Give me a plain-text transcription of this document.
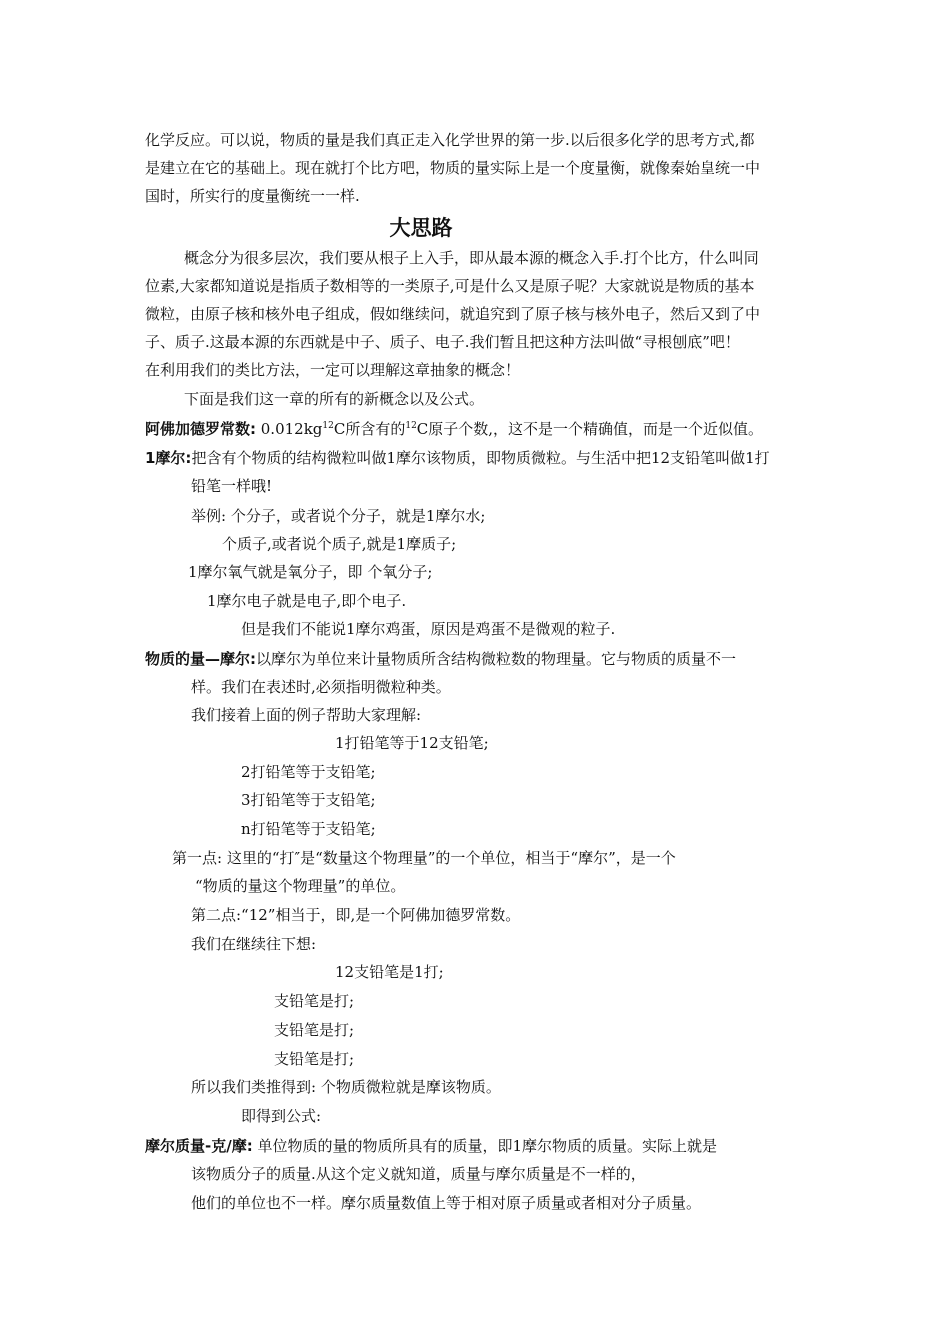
化学反应。可以说，物质的量是我们真正走入化学世界的第一步.以后很多化学的思考方式,都
是建立在它的基础上。现在就打个比方吧，物质的量实际上是一个度量衡，就像秦始皇统一中
国时，所实行的度量衡统一一样.
大思路
概念分为很多层次，我们要从根子上入手，即从最本源的概念入手.打个比方，什么叫同
位素,大家都知道说是指质子数相等的一类原子,可是什么又是原子呢？大家就说是物质的基本
微粒，由原子核和核外电子组成，假如继续问，就追究到了原子核与核外电子，然后又到了中
子、质子.这最本源的东西就是中子、质子、电子.我们暂且把这种方法叫做“寻根刨底”吧！
在利用我们的类比方法，一定可以理解这章抽象的概念！
下面是我们这一章的所有的新概念以及公式。
阿佛加德罗常数: $0.012kg^{12}C$所含有的$^{12}$C原子个数,，这不是一个精确值，而是一个近似值。
1摩尔:把含有个物质的结构微粒叫做1摩尔该物质，即物质微粒。与生活中把12支铅笔叫做1打
铅笔一样哦!
举例: 个分子，或者说个分子，就是1摩尔水;
个质子,或者说个质子,就是1摩质子;
1摩尔氧气就是氧分子，即 个氧分子;
1摩尔电子就是电子,即个电子.
但是我们不能说1摩尔鸡蛋，原因是鸡蛋不是微观的粒子.
物质的量—摩尔:以摩尔为单位来计量物质所含结构微粒数的物理量。它与物质的质量不一
样。我们在表述时,必须指明微粒种类。
我们接着上面的例子帮助大家理解:
1打铅笔等于12支铅笔;
2打铅笔等于支铅笔;
3打铅笔等于支铅笔;
n打铅笔等于支铅笔;
第一点: 这里的“打″是“数量这个物理量”的一个单位，相当于“摩尔”，是一个
“物质的量这个物理量”的单位。
第二点:“12”相当于，即,是一个阿佛加德罗常数。
我们在继续往下想:
12支铅笔是1打;
支铅笔是打;
支铅笔是打;
支铅笔是打;
所以我们类推得到: 个物质微粒就是摩该物质。
即得到公式:
摩尔质量-克/摩: 单位物质的量的物质所具有的质量，即1摩尔物质的质量。实际上就是
该物质分子的质量.从这个定义就知道，质量与摩尔质量是不一样的，
他们的单位也不一样。摩尔质量数值上等于相对原子质量或者相对分子质量。
